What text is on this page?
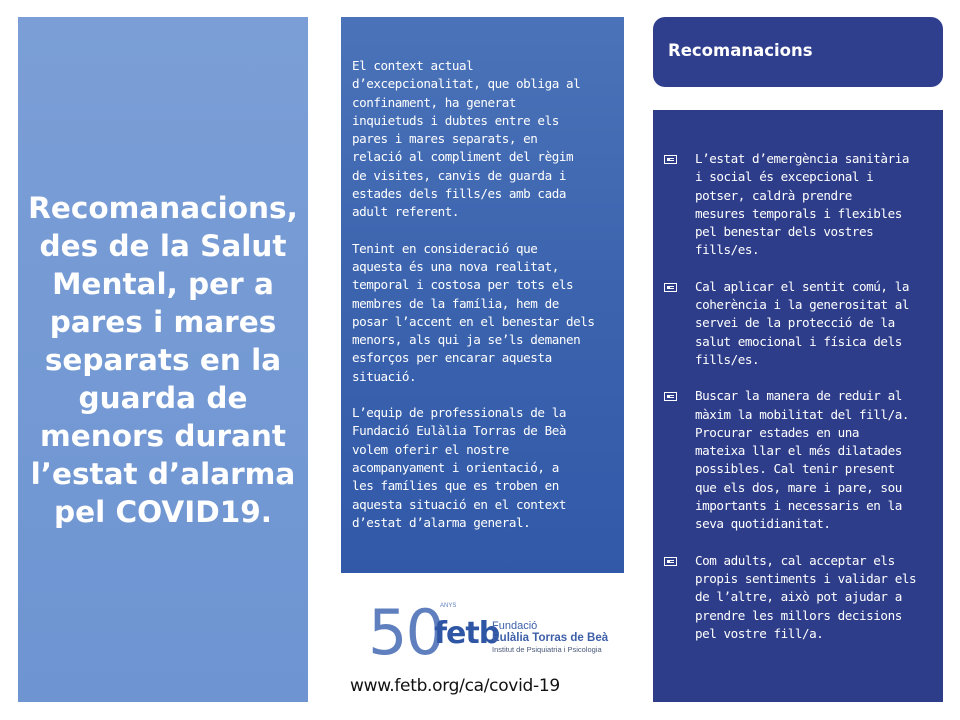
Recomanacions,
des de la Salut
Mental, per a
pares i mares
separats en la
guarda de
menors durant
l’estat d’alarma
pel COVID19.

El context actual
d’excepcionalitat, que obliga al
confinament, ha generat
inquietuds i dubtes entre els
pares i mares separats, en
relació al compliment del règim
de visites, canvis de guarda i
estades dels fills/es amb cada
adult referent.

Tenint en consideració que
aquesta és una nova realitat,
temporal i costosa per tots els
membres de la família, hem de
posar l’accent en el benestar dels
menors, als qui ja se’ls demanen
esforços per encarar aquesta
situació.

L’equip de professionals de la
Fundació Eulàlia Torras de Beà
volem oferir el nostre
acompanyament i orientació, a
les famílies que es troben en
aquesta situació en el context
d’estat d’alarma general.

50
ANYS
fetb
Fundació
Eulàlia Torras de Beà
Institut de Psiquiatria i Psicologia
www.fetb.org/ca/covid-19
Recomanacions

L’estat d’emergència sanitària
i social és excepcional i
potser, caldrà prendre
mesures temporals i flexibles
pel benestar dels vostres
fills/es.

Cal aplicar el sentit comú, la
coherència i la generositat al
servei de la protecció de la
salut emocional i física dels
fills/es.

Buscar la manera de reduir al
màxim la mobilitat del fill/a.
Procurar estades en una
mateixa llar el més dilatades
possibles. Cal tenir present
que els dos, mare i pare, sou
importants i necessaris en la
seva quotidianitat.

Com adults, cal acceptar els
propis sentiments i validar els
de l’altre, això pot ajudar a
prendre les millors decisions
pel vostre fill/a.
